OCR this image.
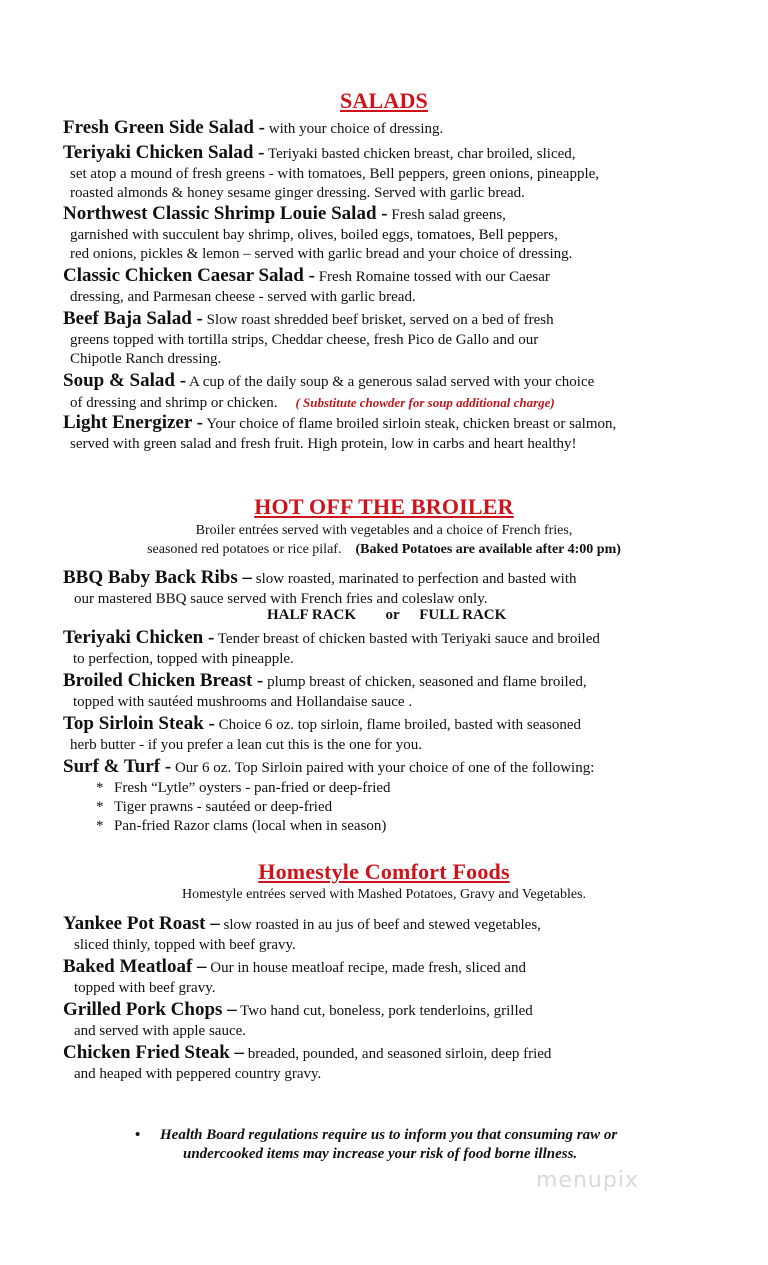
SALADS
Fresh Green Side Salad - with your choice of dressing.
Teriyaki Chicken Salad - Teriyaki basted chicken breast, char broiled, sliced,
set atop a mound of fresh greens - with tomatoes, Bell peppers, green onions, pineapple,
roasted almonds & honey sesame ginger dressing. Served with garlic bread.
Northwest Classic Shrimp Louie Salad - Fresh salad greens,
garnished with succulent bay shrimp, olives, boiled eggs, tomatoes, Bell peppers,
red onions, pickles & lemon – served with garlic bread and your choice of dressing.
Classic Chicken Caesar Salad - Fresh Romaine tossed with our Caesar
dressing, and Parmesan cheese - served with garlic bread.
Beef Baja Salad - Slow roast shredded beef brisket, served on a bed of fresh
greens topped with tortilla strips, Cheddar cheese, fresh Pico de Gallo and our
Chipotle Ranch dressing.
Soup & Salad - A cup of the daily soup & a generous salad served with your choice
of dressing and shrimp or chicken. ( Substitute chowder for soup additional charge)
Light Energizer - Your choice of flame broiled sirloin steak, chicken breast or salmon,
served with green salad and fresh fruit. High protein, low in carbs and heart healthy!
HOT OFF THE BROILER
Broiler entrées served with vegetables and a choice of French fries,
seasoned red potatoes or rice pilaf. (Baked Potatoes are available after 4:00 pm)
BBQ Baby Back Ribs – slow roasted, marinated to perfection and basted with
our mastered BBQ sauce served with French fries and coleslaw only.
HALF RACK or FULL RACK
Teriyaki Chicken - Tender breast of chicken basted with Teriyaki sauce and broiled
to perfection, topped with pineapple.
Broiled Chicken Breast - plump breast of chicken, seasoned and flame broiled,
topped with sautéed mushrooms and Hollandaise sauce .
Top Sirloin Steak - Choice 6 oz. top sirloin, flame broiled, basted with seasoned
herb butter - if you prefer a lean cut this is the one for you.
Surf & Turf - Our 6 oz. Top Sirloin paired with your choice of one of the following:
* Fresh “Lytle” oysters - pan-fried or deep-fried
* Tiger prawns - sautéed or deep-fried
* Pan-fried Razor clams (local when in season)
Homestyle Comfort Foods
Homestyle entrées served with Mashed Potatoes, Gravy and Vegetables.
Yankee Pot Roast – slow roasted in au jus of beef and stewed vegetables,
sliced thinly, topped with beef gravy.
Baked Meatloaf – Our in house meatloaf recipe, made fresh, sliced and
topped with beef gravy.
Grilled Pork Chops – Two hand cut, boneless, pork tenderloins, grilled
and served with apple sauce.
Chicken Fried Steak – breaded, pounded, and seasoned sirloin, deep fried
and heaped with peppered country gravy.
•	Health Board regulations require us to inform you that consuming raw or
undercooked items may increase your risk of food borne illness.
menupix
